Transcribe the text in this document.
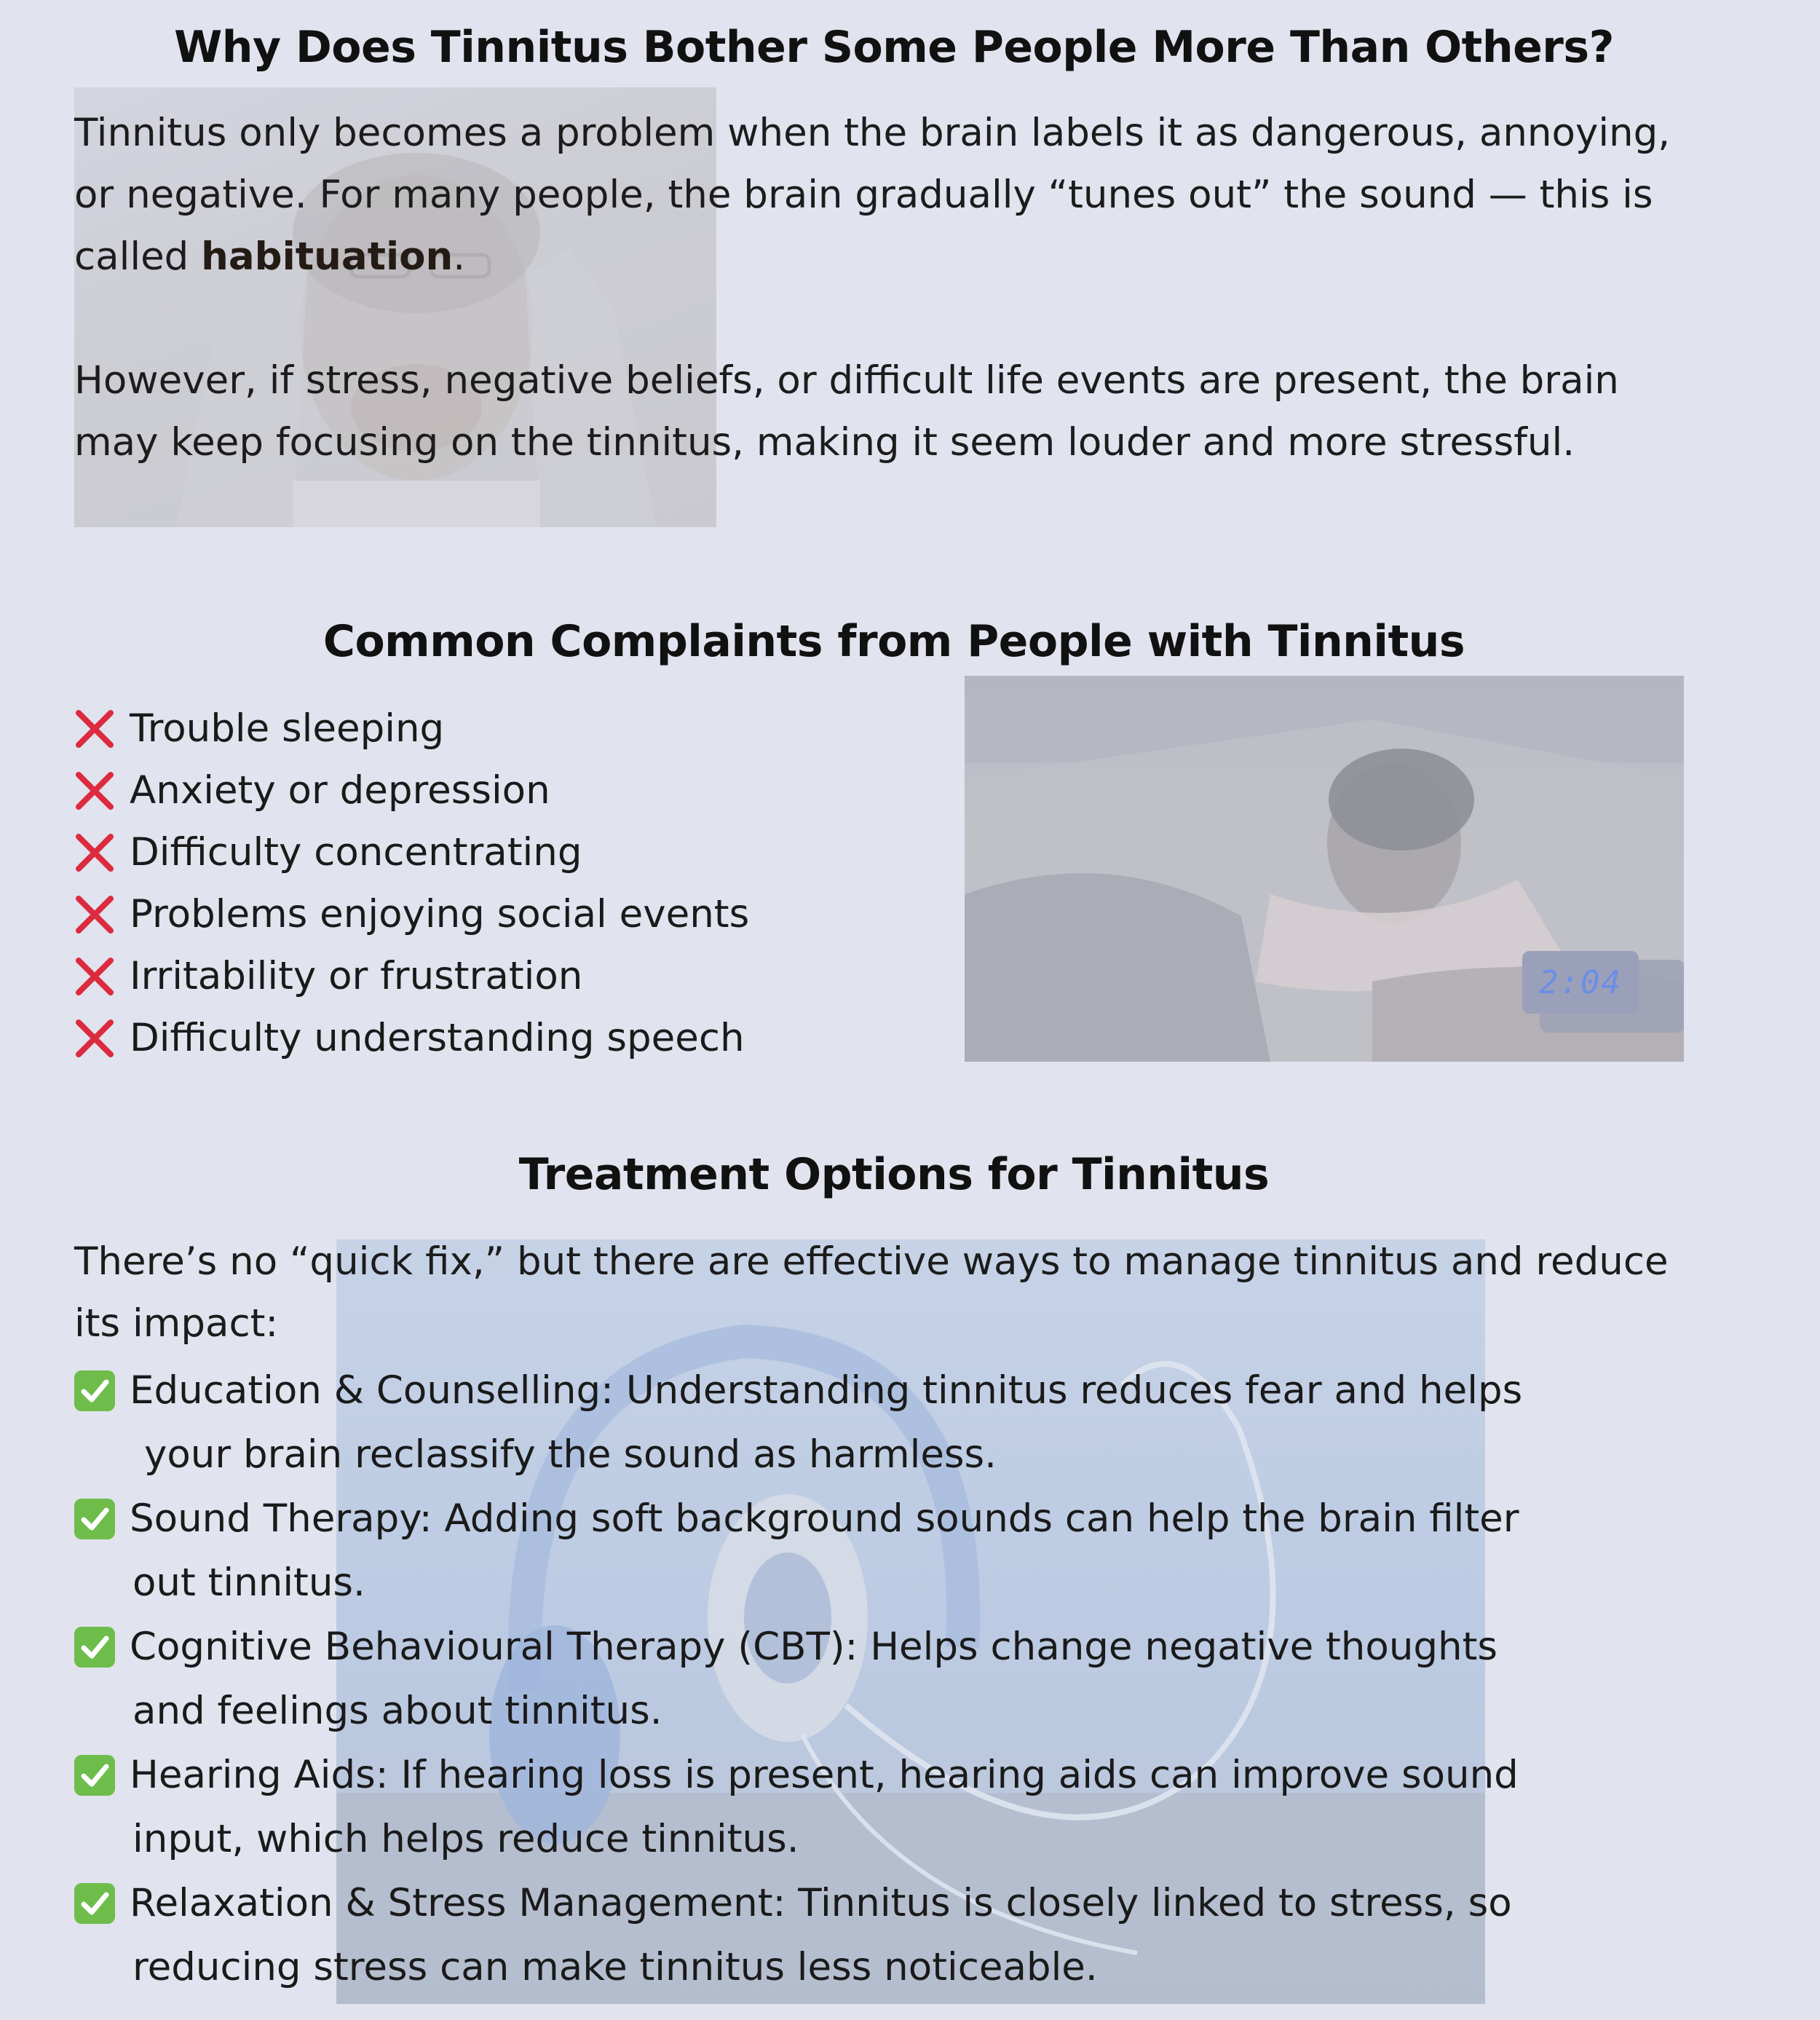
2:04
Why Does Tinnitus Bother Some People More Than Others?

Tinnitus only becomes a problem when the brain labels it as dangerous, annoying, or negative. For many people, the brain gradually “tunes out” the sound — this is called habituation.

However, if stress, negative beliefs, or difficult life events are present, the brain may keep focusing on the tinnitus, making it seem louder and more stressful.

Common Complaints from People with Tinnitus
Trouble sleeping
Anxiety or depression
Difficulty concentrating
Problems enjoying social events
Irritability or frustration
Difficulty understanding speech
Treatment Options for Tinnitus

There’s no “quick fix,” but there are effective ways to manage tinnitus and reduce its impact:

Education & Counselling: Understanding tinnitus reduces fear and helps
your brain reclassify the sound as harmless.
Sound Therapy: Adding soft background sounds can help the brain filter
out tinnitus.
Cognitive Behavioural Therapy (CBT): Helps change negative thoughts
and feelings about tinnitus.
Hearing Aids: If hearing loss is present, hearing aids can improve sound
input, which helps reduce tinnitus.
Relaxation & Stress Management: Tinnitus is closely linked to stress, so
reducing stress can make tinnitus less noticeable.
